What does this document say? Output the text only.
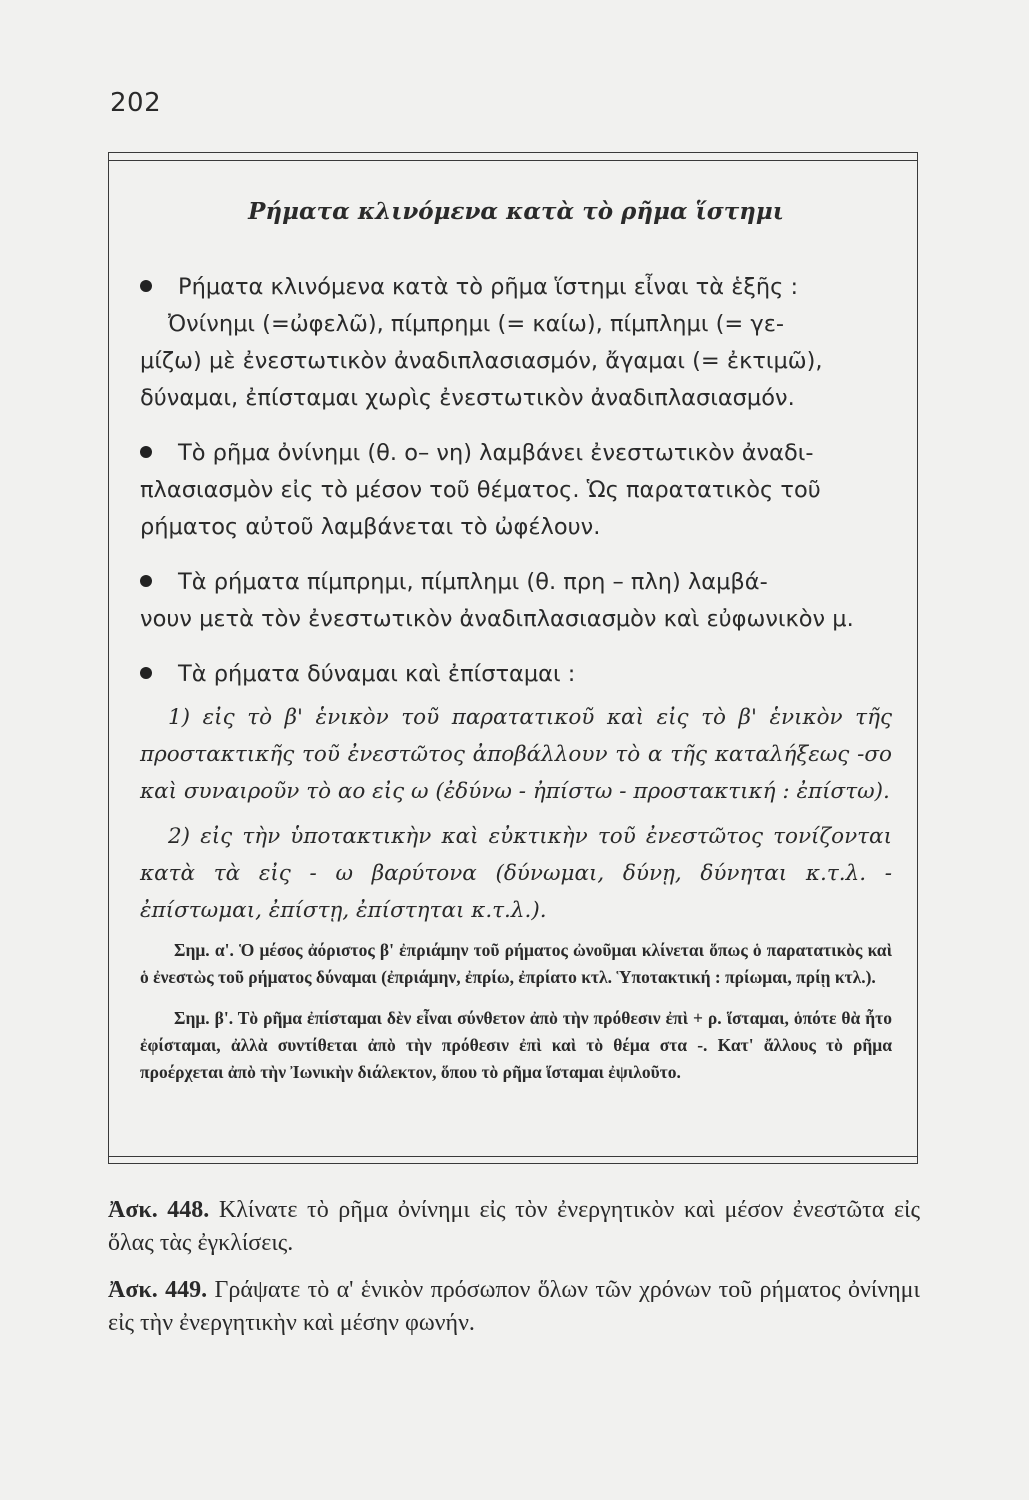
202
Ρήματα κλινόμενα κατὰ τὸ ρῆμα ἵστημι
Ρήματα κλινόμενα κατὰ τὸ ρῆμα ἵστημι εἶναι τὰ ἑξῆς :
Ὀνίνημι (=ὠφελῶ), πίμπρημι (= καίω), πίμπλημι (= γε-
μίζω) μὲ ἐνεστωτικὸν ἀναδιπλασιασμόν, ἄγαμαι (= ἐκτιμῶ),
δύναμαι, ἐπίσταμαι χωρὶς ἐνεστωτικὸν ἀναδιπλασιασμόν.
Τὸ ρῆμα ὀνίνημι (θ. ο– νη) λαμβάνει ἐνεστωτικὸν ἀναδι-
πλασιασμὸν εἰς τὸ μέσον τοῦ θέματος. Ὡς παρατατικὸς τοῦ
ρήματος αὐτοῦ λαμβάνεται τὸ ὠφέλουν.
Τὰ ρήματα πίμπρημι, πίμπλημι (θ. πρη – πλη) λαμβά-
νουν μετὰ τὸν ἐνεστωτικὸν ἀναδιπλασιασμὸν καὶ εὐφωνικὸν μ.
Τὰ ρήματα δύναμαι καὶ ἐπίσταμαι :

1) εἰς τὸ β' ἑνικὸν τοῦ παρατατικοῦ καὶ εἰς τὸ β' ἑνικὸν τῆς προστακτικῆς τοῦ ἐνεστῶτος ἀποβάλλουν τὸ α τῆς καταλήξεως -σο καὶ συναιροῦν τὸ αο εἰς ω (ἐδύνω - ἠπίστω - προστακτική : ἐπίστω).

2) εἰς τὴν ὑποτακτικὴν καὶ εὐκτικὴν τοῦ ἐνεστῶτος τονίζονται κατὰ τὰ εἰς - ω βαρύτονα (δύνωμαι, δύνῃ, δύνηται κ.τ.λ. - ἐπίστωμαι, ἐπίστῃ, ἐπίστηται κ.τ.λ.).

Σημ. α'. Ὁ μέσος ἀόριστος β' ἐπριάμην τοῦ ρήματος ὠνοῦμαι κλίνεται ὅπως ὁ παρατατικὸς καὶ ὁ ἐνεστὼς τοῦ ρήματος δύναμαι (ἐπριάμην, ἐπρίω, ἐπρίατο κτλ. Ὑποτακτική : πρίωμαι, πρίῃ κτλ.).

Σημ. β'. Τὸ ρῆμα ἐπίσταμαι δὲν εἶναι σύνθετον ἀπὸ τὴν πρόθεσιν ἐπὶ + ρ. ἵσταμαι, ὁπότε θὰ ἦτο ἐφίσταμαι, ἀλλὰ συντίθεται ἀπὸ τὴν πρόθεσιν ἐπὶ καὶ τὸ θέμα στα -. Κατ' ἄλλους τὸ ρῆμα προέρχεται ἀπὸ τὴν Ἰωνικὴν διάλεκτον, ὅπου τὸ ρῆμα ἵσταμαι ἐψιλοῦτο.

Ἀσκ. 448. Κλίνατε τὸ ρῆμα ὀνίνημι εἰς τὸν ἐνεργητικὸν καὶ μέσον ἐνεστῶτα εἰς ὅλας τὰς ἐγκλίσεις.

Ἀσκ. 449. Γράψατε τὸ α' ἑνικὸν πρόσωπον ὅλων τῶν χρόνων τοῦ ρήματος ὀνίνημι εἰς τὴν ἐνεργητικὴν καὶ μέσην φωνήν.
